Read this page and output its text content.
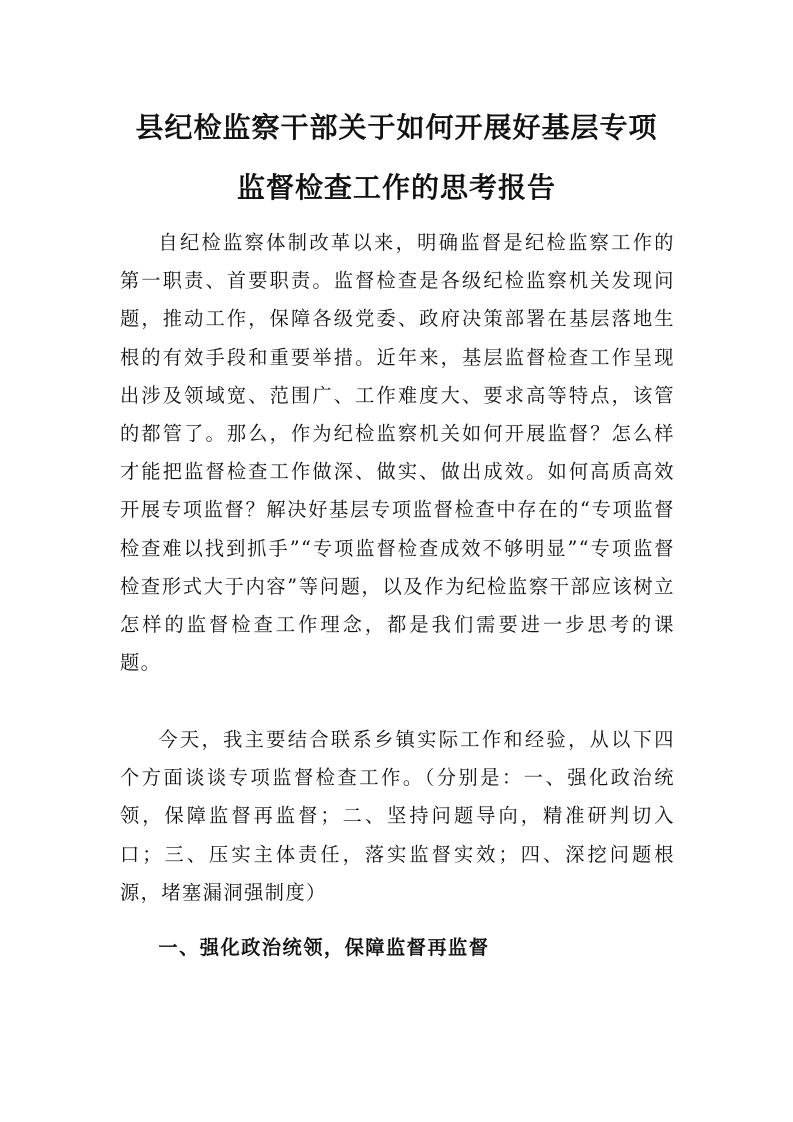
县纪检监察干部关于如何开展好基层专项
监督检查工作的思考报告

自纪检监察体制改革以来，明确监督是纪检监察工作的第一职责、首要职责。监督检查是各级纪检监察机关发现问题，推动工作，保障各级党委、政府决策部署在基层落地生根的有效手段和重要举措。近年来，基层监督检查工作呈现出涉及领域宽、范围广、工作难度大、要求高等特点，该管的都管了。那么，作为纪检监察机关如何开展监督？怎么样才能把监督检查工作做深、做实、做出成效。如何高质高效开展专项监督？解决好基层专项监督检查中存在的“专项监督检查难以找到抓手”“专项监督检查成效不够明显”“专项监督检查形式大于内容”等问题，以及作为纪检监察干部应该树立怎样的监督检查工作理念，都是我们需要进一步思考的课题。

今天，我主要结合联系乡镇实际工作和经验，从以下四个方面谈谈专项监督检查工作。（分别是：一、强化政治统领，保障监督再监督；二、坚持问题导向，精准研判切入口；三、压实主体责任，落实监督实效；四、深挖问题根源，堵塞漏洞强制度）

一、强化政治统领，保障监督再监督
